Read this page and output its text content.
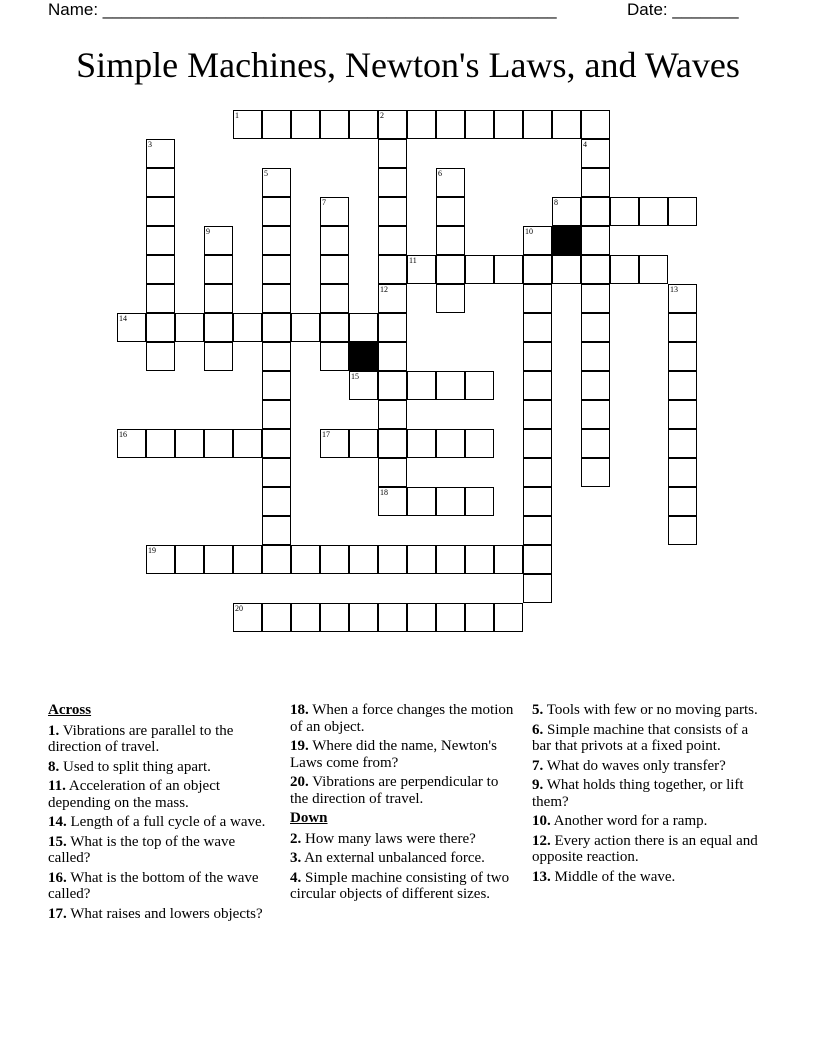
Name: ________________________________________________	Date: _______
Simple Machines, Newton's Laws, and Waves
1	2
3	4
5	6
7	8
9	10
11
12	13
14
15
16	17
18
19
20
Across
1. Vibrations are parallel to the direction of travel.
8. Used to split thing apart.
11. Acceleration of an object depending on the mass.
14. Length of a full cycle of a wave.
15. What is the top of the wave called?
16. What is the bottom of the wave called?
17. What raises and lowers objects?
18. When a force changes the motion of an object.
19. Where did the name, Newton's Laws come from?
20. Vibrations are perpendicular to the direction of travel.
Down
2. How many laws were there?
3. An external unbalanced force.
4. Simple machine consisting of two circular objects of different sizes.
5. Tools with few or no moving parts.
6. Simple machine that consists of a bar that privots at a fixed point.
7. What do waves only transfer?
9. What holds thing together, or lift them?
10. Another word for a ramp.
12. Every action there is an equal and opposite reaction.
13. Middle of the wave.
